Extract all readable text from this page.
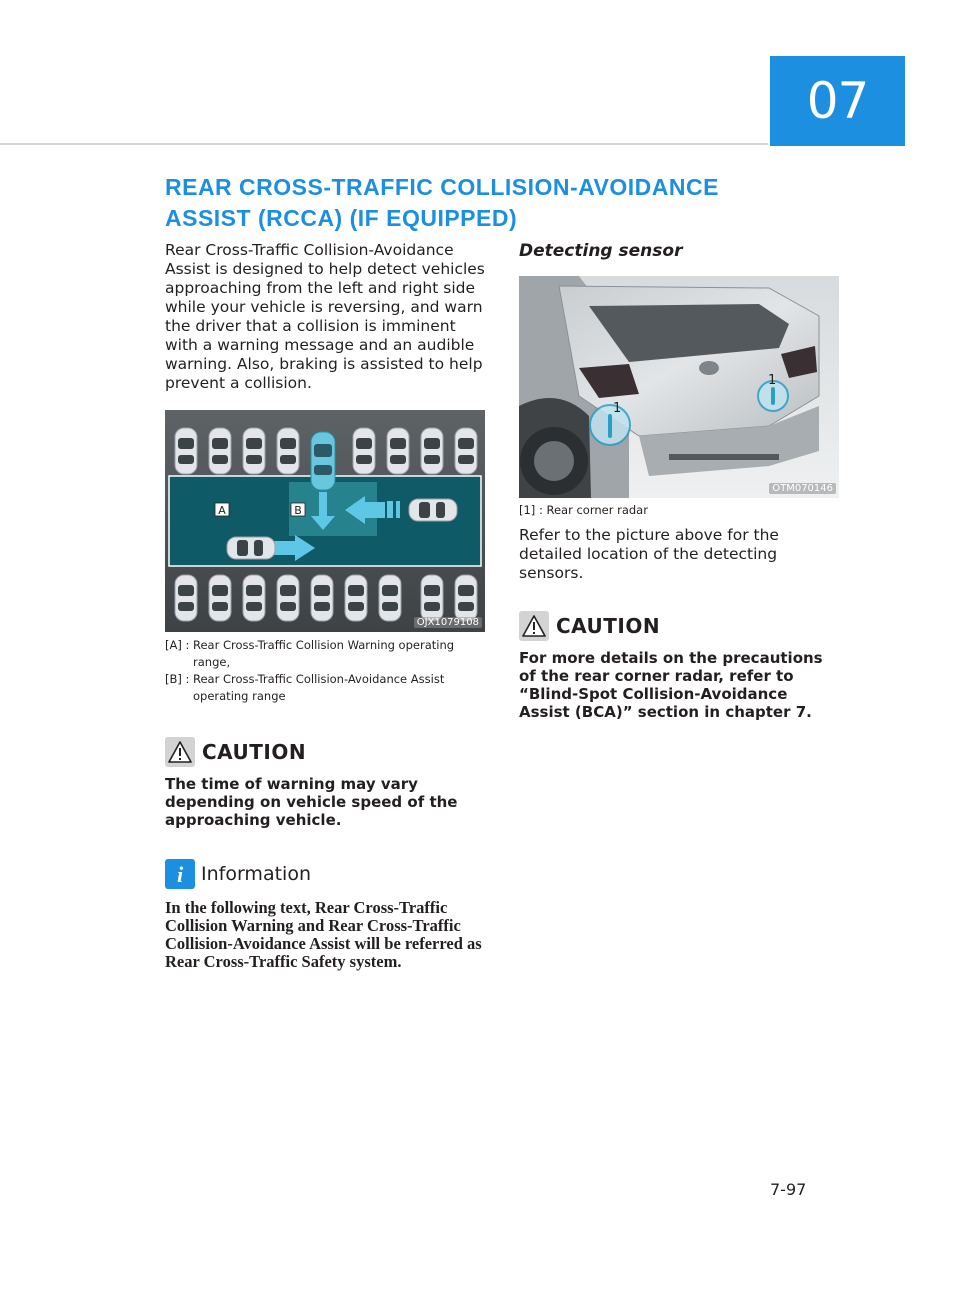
07
REAR CROSS-TRAFFIC COLLISION-AVOIDANCE ASSIST (RCCA) (IF EQUIPPED)

Rear Cross-Traffic Collision-Avoidance Assist is designed to help detect vehicles approaching from the left and right side while your vehicle is reversing, and warn the driver that a collision is imminent with a warning message and an audible warning. Also, braking is assisted to help prevent a collision.

A	B
OJX1079108
[A] : Rear Cross-Traffic Collision Warning operating range,
[B] : Rear Cross-Traffic Collision-Avoidance Assist operating range
CAUTION

The time of warning may vary depending on vehicle speed of the approaching vehicle.

i Information

In the following text, Rear Cross-Traffic Collision Warning and Rear Cross-Traffic Collision-Avoidance Assist will be referred as Rear Cross-Traffic Safety system.

Detecting sensor
1
1
OTM070146
[1] : Rear corner radar

Refer to the picture above for the detailed location of the detecting sensors.

CAUTION

For more details on the precautions of the rear corner radar, refer to “Blind-Spot Collision-Avoidance Assist (BCA)” section in chapter 7.

7-97
